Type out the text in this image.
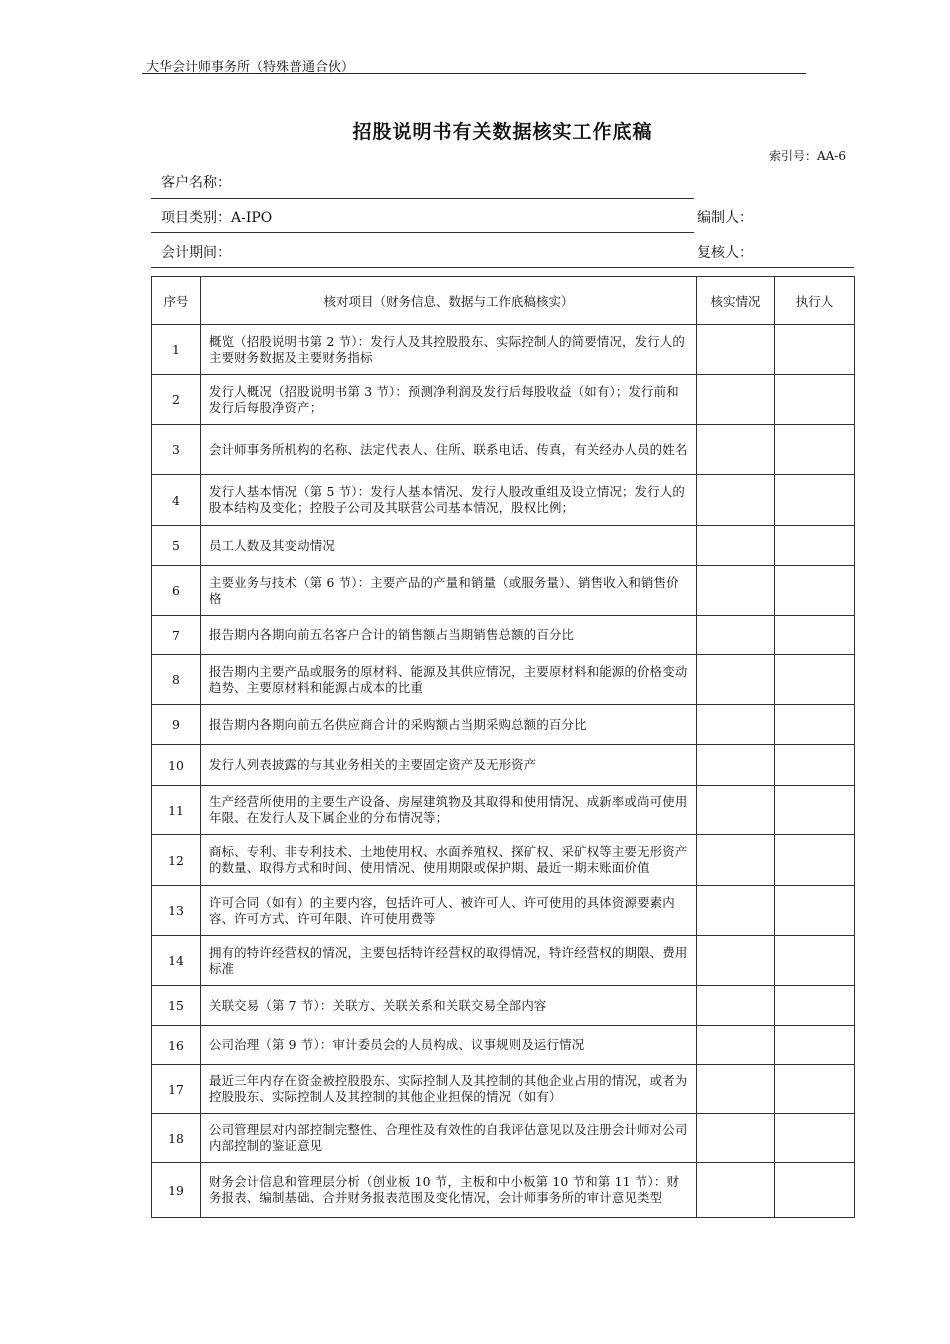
大华会计师事务所（特殊普通合伙）
招股说明书有关数据核实工作底稿
索引号：AA-6
客户名称：
项目类别：A-IPO	编制人：
会计期间：	复核人：
序号	核对项目（财务信息、数据与工作底稿核实）	核实情况	执行人
1	概览（招股说明书第 2 节）：发行人及其控股股东、实际控制人的简要情况，发行人的主要财务数据及主要财务指标		
2	发行人概况（招股说明书第 3 节）：预测净利润及发行后每股收益（如有）；发行前和发行后每股净资产；		
3	会计师事务所机构的名称、法定代表人、住所、联系电话、传真，有关经办人员的姓名		
4	发行人基本情况（第 5 节）：发行人基本情况、发行人股改重组及设立情况；发行人的股本结构及变化；控股子公司及其联营公司基本情况，股权比例；		
5	员工人数及其变动情况		
6	主要业务与技术（第 6 节）：主要产品的产量和销量（或服务量）、销售收入和销售价格		
7	报告期内各期向前五名客户合计的销售额占当期销售总额的百分比		
8	报告期内主要产品或服务的原材料、能源及其供应情况，主要原材料和能源的价格变动趋势、主要原材料和能源占成本的比重		
9	报告期内各期向前五名供应商合计的采购额占当期采购总额的百分比		
10	发行人列表披露的与其业务相关的主要固定资产及无形资产		
11	生产经营所使用的主要生产设备、房屋建筑物及其取得和使用情况、成新率或尚可使用年限、在发行人及下属企业的分布情况等；		
12	商标、专利、非专利技术、土地使用权、水面养殖权、探矿权、采矿权等主要无形资产的数量、取得方式和时间、使用情况、使用期限或保护期、最近一期末账面价值		
13	许可合同（如有）的主要内容，包括许可人、被许可人、许可使用的具体资源要素内容、许可方式、许可年限、许可使用费等		
14	拥有的特许经营权的情况，主要包括特许经营权的取得情况，特许经营权的期限、费用标准		
15	关联交易（第 7 节）：关联方、关联关系和关联交易全部内容		
16	公司治理（第 9 节）：审计委员会的人员构成、议事规则及运行情况		
17	最近三年内存在资金被控股股东、实际控制人及其控制的其他企业占用的情况，或者为控股股东、实际控制人及其控制的其他企业担保的情况（如有）		
18	公司管理层对内部控制完整性、合理性及有效性的自我评估意见以及注册会计师对公司内部控制的鉴证意见		
19	财务会计信息和管理层分析（创业板 10 节，主板和中小板第 10 节和第 11 节）：财务报表、编制基础、合并财务报表范围及变化情况，会计师事务所的审计意见类型		
